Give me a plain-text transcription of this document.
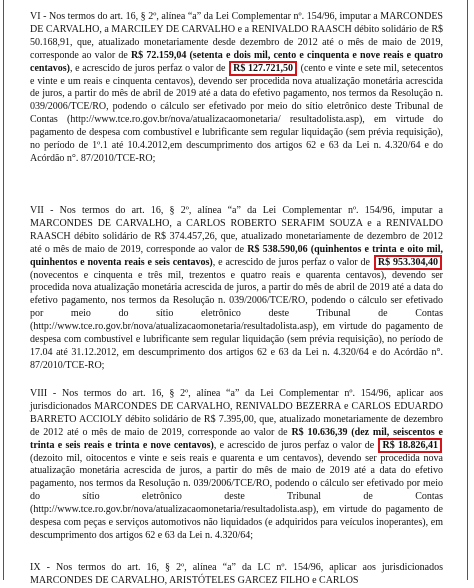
VI - Nos termos do art. 16, § 2º, alínea “a” da Lei Complementar nº. 154/96, imputar a MARCONDES DE CARVALHO, a MARCILEY DE CARVALHO e a RENIVALDO RAASCH débito solidário de R$ 50.168,91, que, atualizado monetariamente desde dezembro de 2012 até o mês de maio de 2019, corresponde ao valor de R$ 72.159,04 (setenta e dois mil, cento e cinquenta e nove reais e quatro centavos), e acrescido de juros perfaz o valor de R$ 127.721,50 (cento e vinte e sete mil, setecentos e vinte e um reais e cinquenta centavos), devendo ser procedida nova atualização monetária acrescida de juros, a partir do mês de abril de 2019 até a data do efetivo pagamento, nos termos da Resolução n. 039/2006/TCE/RO, podendo o cálculo ser efetivado por meio do sítio eletrônico deste Tribunal de Contas (http://www.tce.ro.gov.br/nova/atualizacaomonetaria/ resultadolista.asp), em virtude do pagamento de despesa com combustível e lubrificante sem regular liquidação (sem prévia requisição), no período de 1º.1 até 10.4.2012,em descumprimento dos artigos 62 e 63 da Lei n. 4.320/64 e do Acórdão n°. 87/2010/TCE-RO;

VII - Nos termos do art. 16, § 2º, alínea “a” da Lei Complementar nº. 154/96, imputar a MARCONDES DE CARVALHO, a CARLOS ROBERTO SERAFIM SOUZA e a RENIVALDO RAASCH débito solidário de R$ 374.457,26, que, atualizado monetariamente de dezembro de 2012 até o mês de maio de 2019, corresponde ao valor de R$ 538.590,06 (quinhentos e trinta e oito mil, quinhentos e noventa reais e seis centavos), e acrescido de juros perfaz o valor de R$ 953.304,40 (novecentos e cinquenta e três mil, trezentos e quatro reais e quarenta centavos), devendo ser procedida nova atualização monetária acrescida de juros, a partir do mês de abril de 2019 até a data do efetivo pagamento, nos termos da Resolução n. 039/2006/TCE/RO, podendo o cálculo ser efetivado por meio do sítio eletrônico deste Tribunal de Contas (http://www.tce.ro.gov.br/nova/atualizacaomonetaria/resultadolista.asp), em virtude do pagamento de despesa com combustível e lubrificante sem regular liquidação (sem prévia requisição), no período de 17.04 até 31.12.2012, em descumprimento dos artigos 62 e 63 da Lei n. 4.320/64 e do Acórdão n°. 87/2010/TCE-RO;

VIII - Nos termos do art. 16, § 2º, alínea “a” da Lei Complementar nº. 154/96, aplicar aos jurisdicionados MARCONDES DE CARVALHO, RENIVALDO BEZERRA e CARLOS EDUARDO BARRETO ACCIOLY débito solidário de R$ 7.395,00, que, atualizado monetariamente de dezembro de 2012 até o mês de maio de 2019, corresponde ao valor de R$ 10.636,39 (dez mil, seiscentos e trinta e seis reais e trinta e nove centavos), e acrescido de juros perfaz o valor de R$ 18.826,41 (dezoito mil, oitocentos e vinte e seis reais e quarenta e um centavos), devendo ser procedida nova atualização monetária acrescida de juros, a partir do mês de maio de 2019 até a data do efetivo pagamento, nos termos da Resolução n. 039/2006/TCE/RO, podendo o cálculo ser efetivado por meio do sítio eletrônico deste Tribunal de Contas (http://www.tce.ro.gov.br/nova/atualizacaomonetaria/resultadolista.asp), em virtude do pagamento de despesa com peças e serviços automotivos não liquidados (e adquiridos para veículos inoperantes), em descumprimento dos artigos 62 e 63 da Lei n. 4.320/64;

IX - Nos termos do art. 16, § 2º, alínea “a” da LC nº. 154/96, aplicar aos jurisdicionados MARCONDES DE CARVALHO, ARISTÓTELES GARCEZ FILHO e CARLOS
